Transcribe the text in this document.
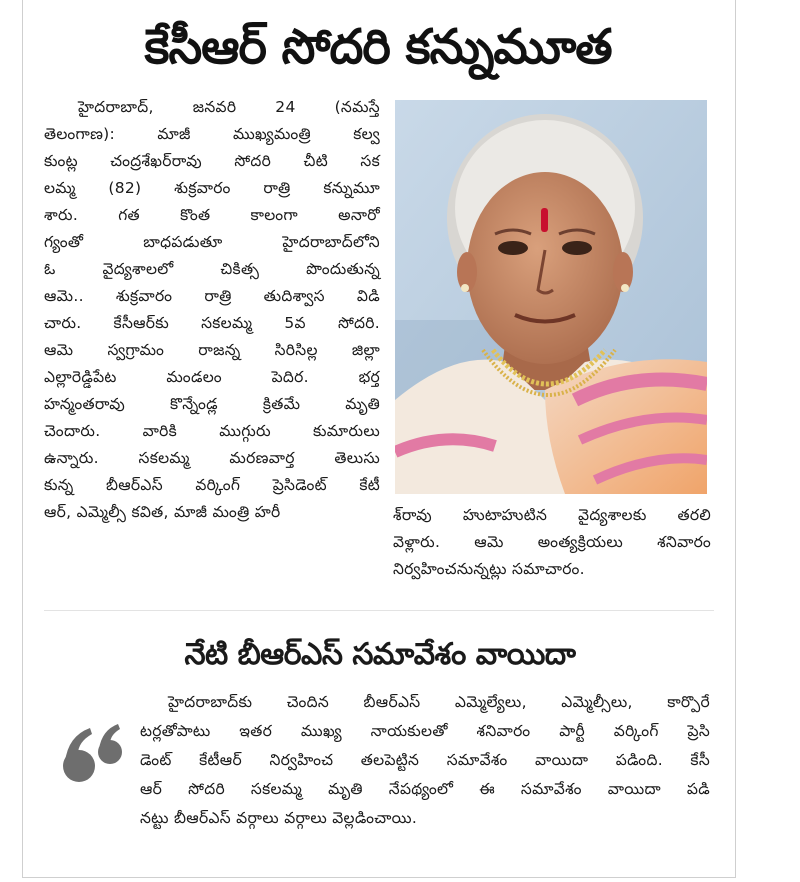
కేసీఆర్ సోదరి కన్నుమూత
హైదరాబాద్, జనవరి 24 (నమస్తే
తెలంగాణ): మాజీ ముఖ్యమంత్రి కల్వ
కుంట్ల చంద్రశేఖర్‌రావు సోదరి చీటి సక
లమ్మ (82) శుక్రవారం రాత్రి కన్నుమూ
శారు. గత కొంత కాలంగా అనారో
గ్యంతో బాధపడుతూ హైదరాబాద్‌లోని
ఓ వైద్యశాలలో చికిత్స పొందుతున్న
ఆమె.. శుక్రవారం రాత్రి తుదిశ్వాస విడి
చారు. కేసీఆర్‌కు సకలమ్మ 5వ సోదరి.
ఆమె స్వగ్రామం రాజన్న సిరిసిల్ల జిల్లా
ఎల్లారెడ్డిపేట మండలం పెదిర. భర్త
హన్మంతరావు కొన్నేండ్ల క్రితమే మృతి
చెందారు. వారికి ముగ్గురు కుమారులు
ఉన్నారు. సకలమ్మ మరణవార్త తెలుసు
కున్న బీఆర్‌ఎస్ వర్కింగ్ ప్రెసిడెంట్ కేటీ
ఆర్, ఎమ్మెల్సీ కవిత, మాజీ మంత్రి హరీ	శ్‌రావు హుటాహుటిన వైద్యశాలకు తరలి
వెళ్లారు. ఆమె అంత్యక్రియలు శనివారం
నిర్వహించనున్నట్లు సమాచారం.
నేటి బీఆర్‌ఎస్ సమావేశం వాయిదా
హైదరాబాద్‌కు చెందిన బీఆర్‌ఎస్ ఎమ్మెల్యేలు, ఎమ్మెల్సీలు, కార్పొరే
టర్లతోపాటు ఇతర ముఖ్య నాయకులతో శనివారం పార్టీ వర్కింగ్ ప్రెసి
డెంట్ కేటీఆర్ నిర్వహించ తలపెట్టిన సమావేశం వాయిదా పడింది. కేసీ
ఆర్ సోదరి సకలమ్మ మృతి నేపథ్యంలో ఈ సమావేశం వాయిదా పడి
నట్టు బీఆర్‌ఎస్ వర్గాలు వర్గాలు వెల్లడించాయి.
